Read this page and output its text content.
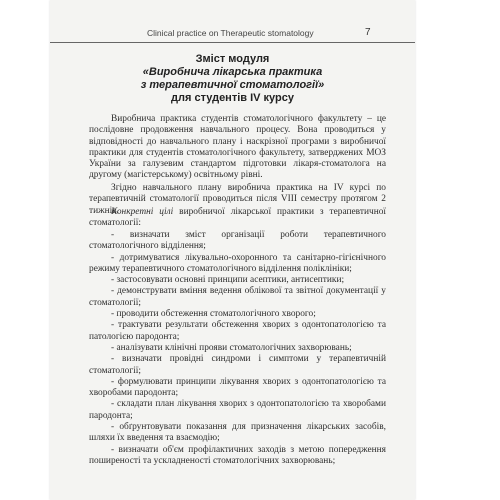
Clinical practice on Therapeutic stomatology	7
Зміст модуля
«Виробнича лікарська практика
з терапевтичної стоматології»
для студентів IV курсу

Виробнича практика студентів стоматологічного факультету – це послідовне продовження навчального процесу. Вона проводиться у відповідності до навчального плану і наскрізної програми з виробничої практики для студентів стоматологічного факультету, затверджених МОЗ України за галузевим стандартом підготовки лікаря-стоматолога на другому (магістерському) освітньому рівні.

Згідно навчального плану виробнича практика на IV курсі по терапевтичній стоматології проводиться після VIII семестру протягом 2 тижнів.

Конкретні цілі виробничої лікарської практики з терапевтичної стоматології:

- визначати зміст організації роботи терапевтичного стоматологічного відділення;
- дотримуватися лікувально-охоронного та санітарно-гігієнічного режиму терапевтичного стоматологічного відділення поліклініки;
- застосовувати основні принципи асептики, антисептики;
- демонструвати вміння ведення облікової та звітної документації у стоматології;
- проводити обстеження стоматологічного хворого;
- трактувати результати обстеження хворих з одонтопатологією та патологією пародонта;
- аналізувати клінічні прояви стоматологічних захворювань;
- визначати провідні синдроми і симптоми у терапевтичній стоматології;
- формулювати принципи лікування хворих з одонтопатологією та хворобами пародонта;
- складати план лікування хворих з одонтопатологією та хворобами пародонта;
- обґрунтовувати показання для призначення лікарських засобів, шляхи їх введення та взаємодію;
- визначати об'єм профілактичних заходів з метою попередження поширеності та ускладненості стоматологічних захворювань;
